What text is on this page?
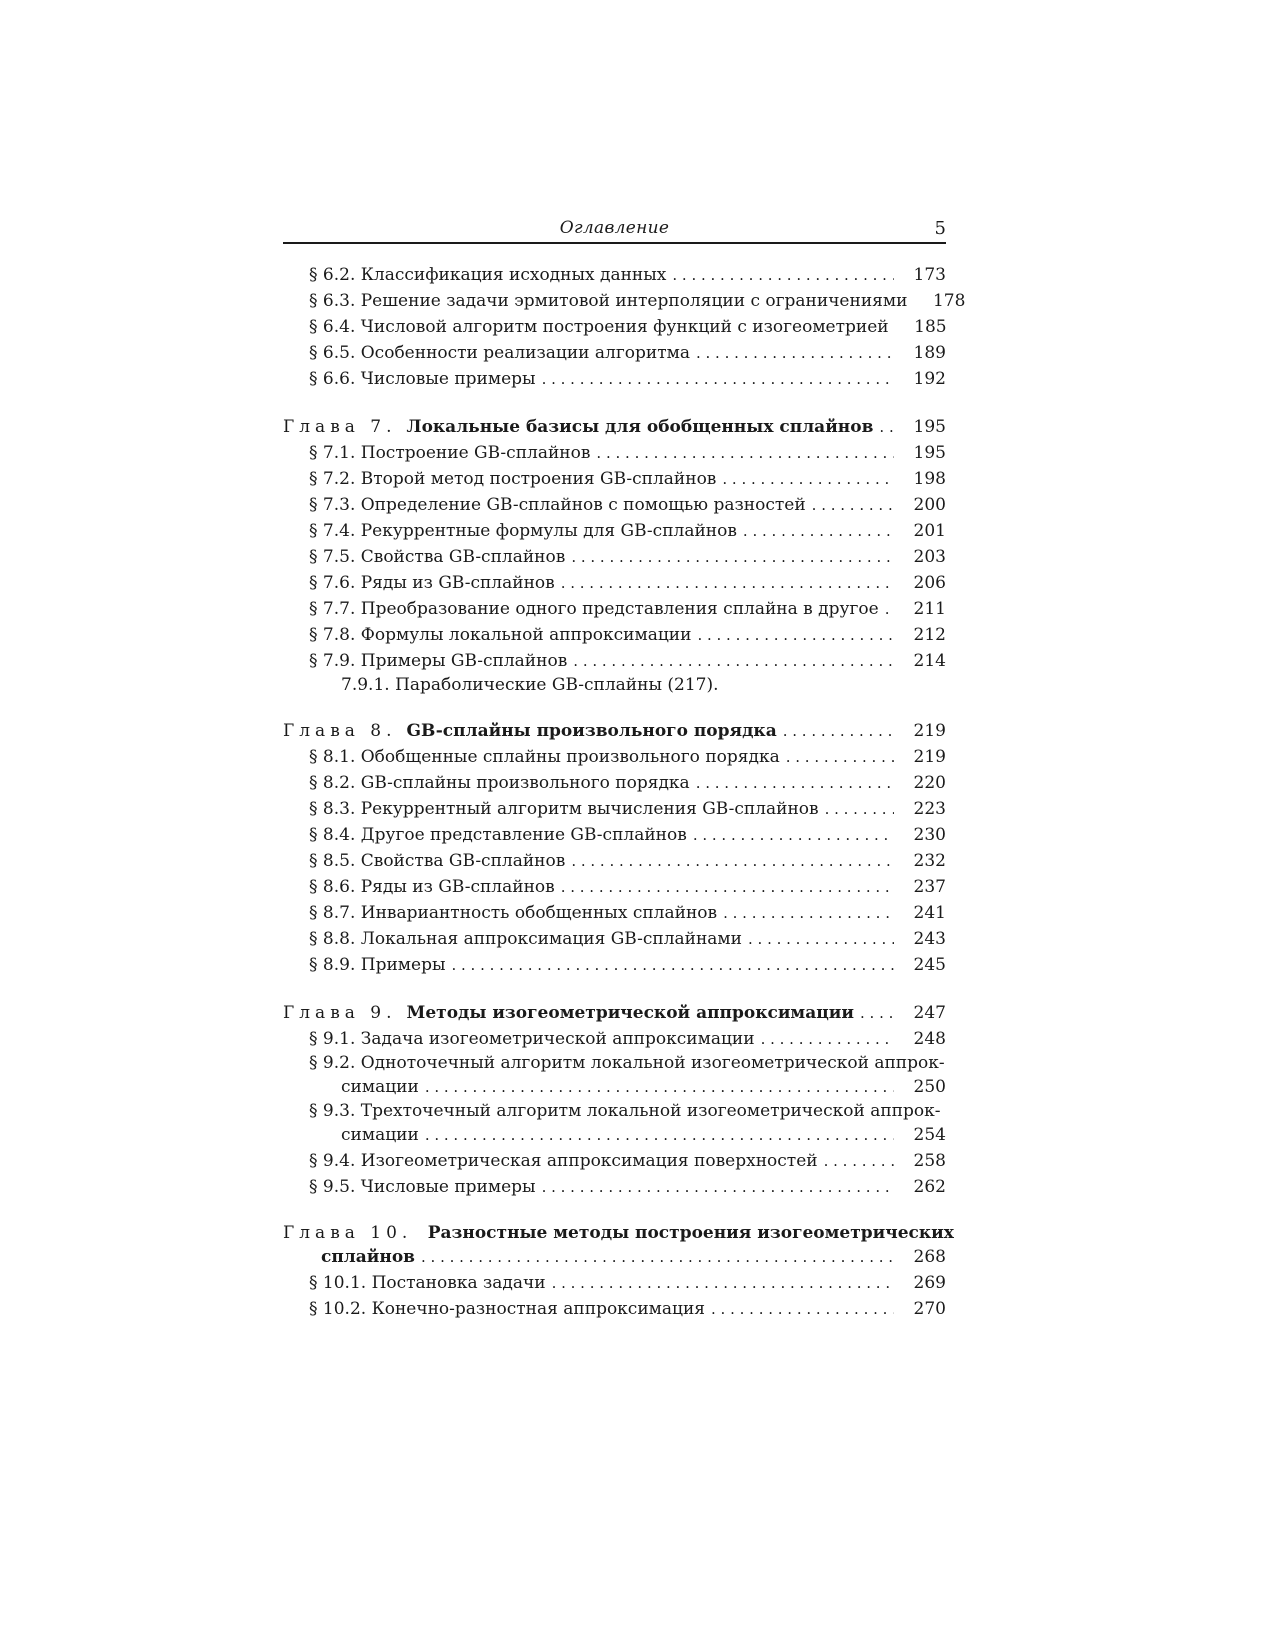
Оглавление	5
§ 6.2. Классификация исходных данных . . .	173
§ 6.3. Решение задачи эрмитовой интерполяции с ограничениями	178
§ 6.4. Числовой алгоритм построения функций с изогеометрией	185
§ 6.5. Особенности реализации алгоритма . . .	189
§ 6.6. Числовые примеры . . .	192
Глава 7. Локальные базисы для обобщенных сплайнов . . .	195
§ 7.1. Построение GB-сплайнов . . .	195
§ 7.2. Второй метод построения GB-сплайнов . . .	198
§ 7.3. Определение GB-сплайнов с помощью разностей . . .	200
§ 7.4. Рекуррентные формулы для GB-сплайнов . . .	201
§ 7.5. Свойства GB-сплайнов . . .	203
§ 7.6. Ряды из GB-сплайнов . . .	206
§ 7.7. Преобразование одного представления сплайна в другое . . .	211
§ 7.8. Формулы локальной аппроксимации . . .	212
§ 7.9. Примеры GB-сплайнов . . .	214
7.9.1. Параболические GB-сплайны (217).
Глава 8. GB-сплайны произвольного порядка . . .	219
§ 8.1. Обобщенные сплайны произвольного порядка . . .	219
§ 8.2. GB-сплайны произвольного порядка . . .	220
§ 8.3. Рекуррентный алгоритм вычисления GB-сплайнов . . .	223
§ 8.4. Другое представление GB-сплайнов . . .	230
§ 8.5. Свойства GB-сплайнов . . .	232
§ 8.6. Ряды из GB-сплайнов . . .	237
§ 8.7. Инвариантность обобщенных сплайнов . . .	241
§ 8.8. Локальная аппроксимация GB-сплайнами . . .	243
§ 8.9. Примеры . . .	245
Глава 9. Методы изогеометрической аппроксимации . . .	247
§ 9.1. Задача изогеометрической аппроксимации . . .	248
§ 9.2. Одноточечный алгоритм локальной изогеометрической аппрок-
симации . . .	250
§ 9.3. Трехточечный алгоритм локальной изогеометрической аппрок-
симации . . .	254
§ 9.4. Изогеометрическая аппроксимация поверхностей . . .	258
§ 9.5. Числовые примеры . . .	262
Глава 10. Разностные методы построения изогеометрических
сплайнов . . .	268
§ 10.1. Постановка задачи . . .	269
§ 10.2. Конечно-разностная аппроксимация . . .	270
